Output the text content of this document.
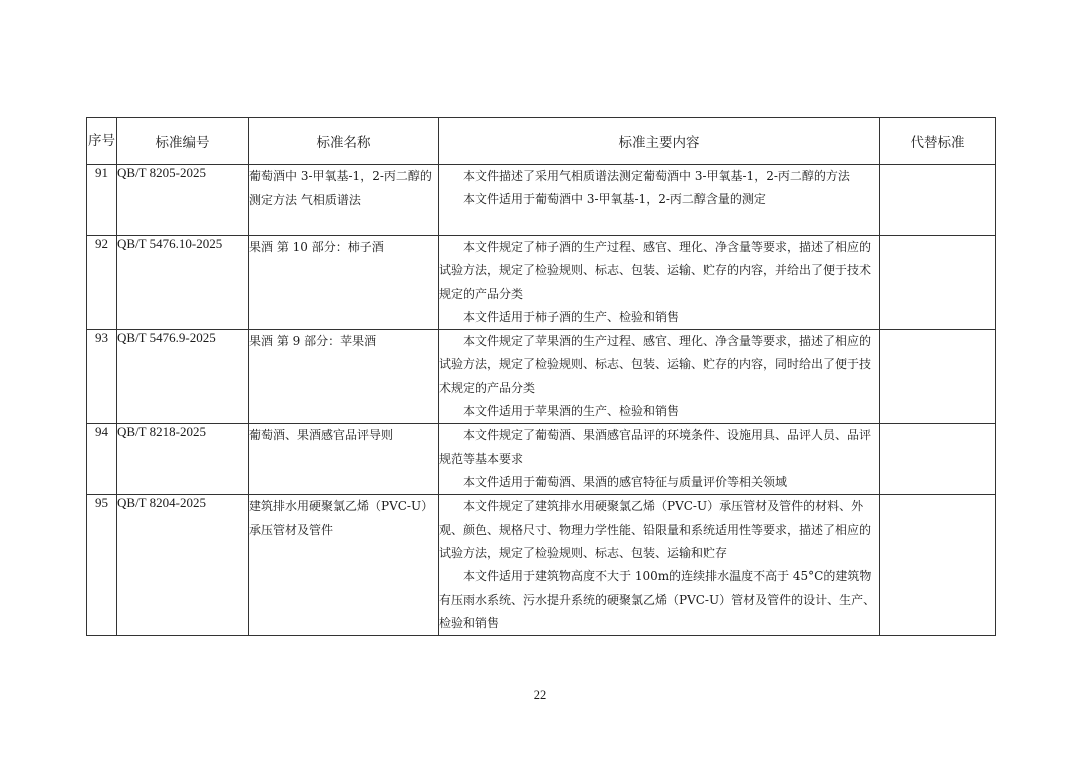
序号	标准编号	标准名称	标准主要内容	代替标准
91	QB/T 8205-2025	葡萄酒中 3-甲氧基-1，2-丙二醇的测定方法 气相质谱法	本文件描述了采用气相质谱法测定葡萄酒中 3-甲氧基-1，2-丙二醇的方法

本文件适用于葡萄酒中 3-甲氧基-1，2-丙二醇含量的测定	

92	QB/T 5476.10-2025	果酒 第 10 部分：柿子酒	本文件规定了柿子酒的生产过程、感官、理化、净含量等要求，描述了相应的试验方法，规定了检验规则、标志、包装、运输、贮存的内容，并给出了便于技术规定的产品分类

本文件适用于柿子酒的生产、检验和销售	

93	QB/T 5476.9-2025	果酒 第 9 部分：苹果酒	本文件规定了苹果酒的生产过程、感官、理化、净含量等要求，描述了相应的试验方法，规定了检验规则、标志、包装、运输、贮存的内容，同时给出了便于技术规定的产品分类

本文件适用于苹果酒的生产、检验和销售	

94	QB/T 8218-2025	葡萄酒、果酒感官品评导则	本文件规定了葡萄酒、果酒感官品评的环境条件、设施用具、品评人员、品评规范等基本要求

本文件适用于葡萄酒、果酒的感官特征与质量评价等相关领域	

95	QB/T 8204-2025	建筑排水用硬聚氯乙烯（PVC-U）承压管材及管件	本文件规定了建筑排水用硬聚氯乙烯（PVC-U）承压管材及管件的材料、外观、颜色、规格尺寸、物理力学性能、铅限量和系统适用性等要求，描述了相应的试验方法，规定了检验规则、标志、包装、运输和贮存

本文件适用于建筑物高度不大于 100m的连续排水温度不高于 45°C的建筑物有压雨水系统、污水提升系统的硬聚氯乙烯（PVC-U）管材及管件的设计、生产、检验和销售	

22
